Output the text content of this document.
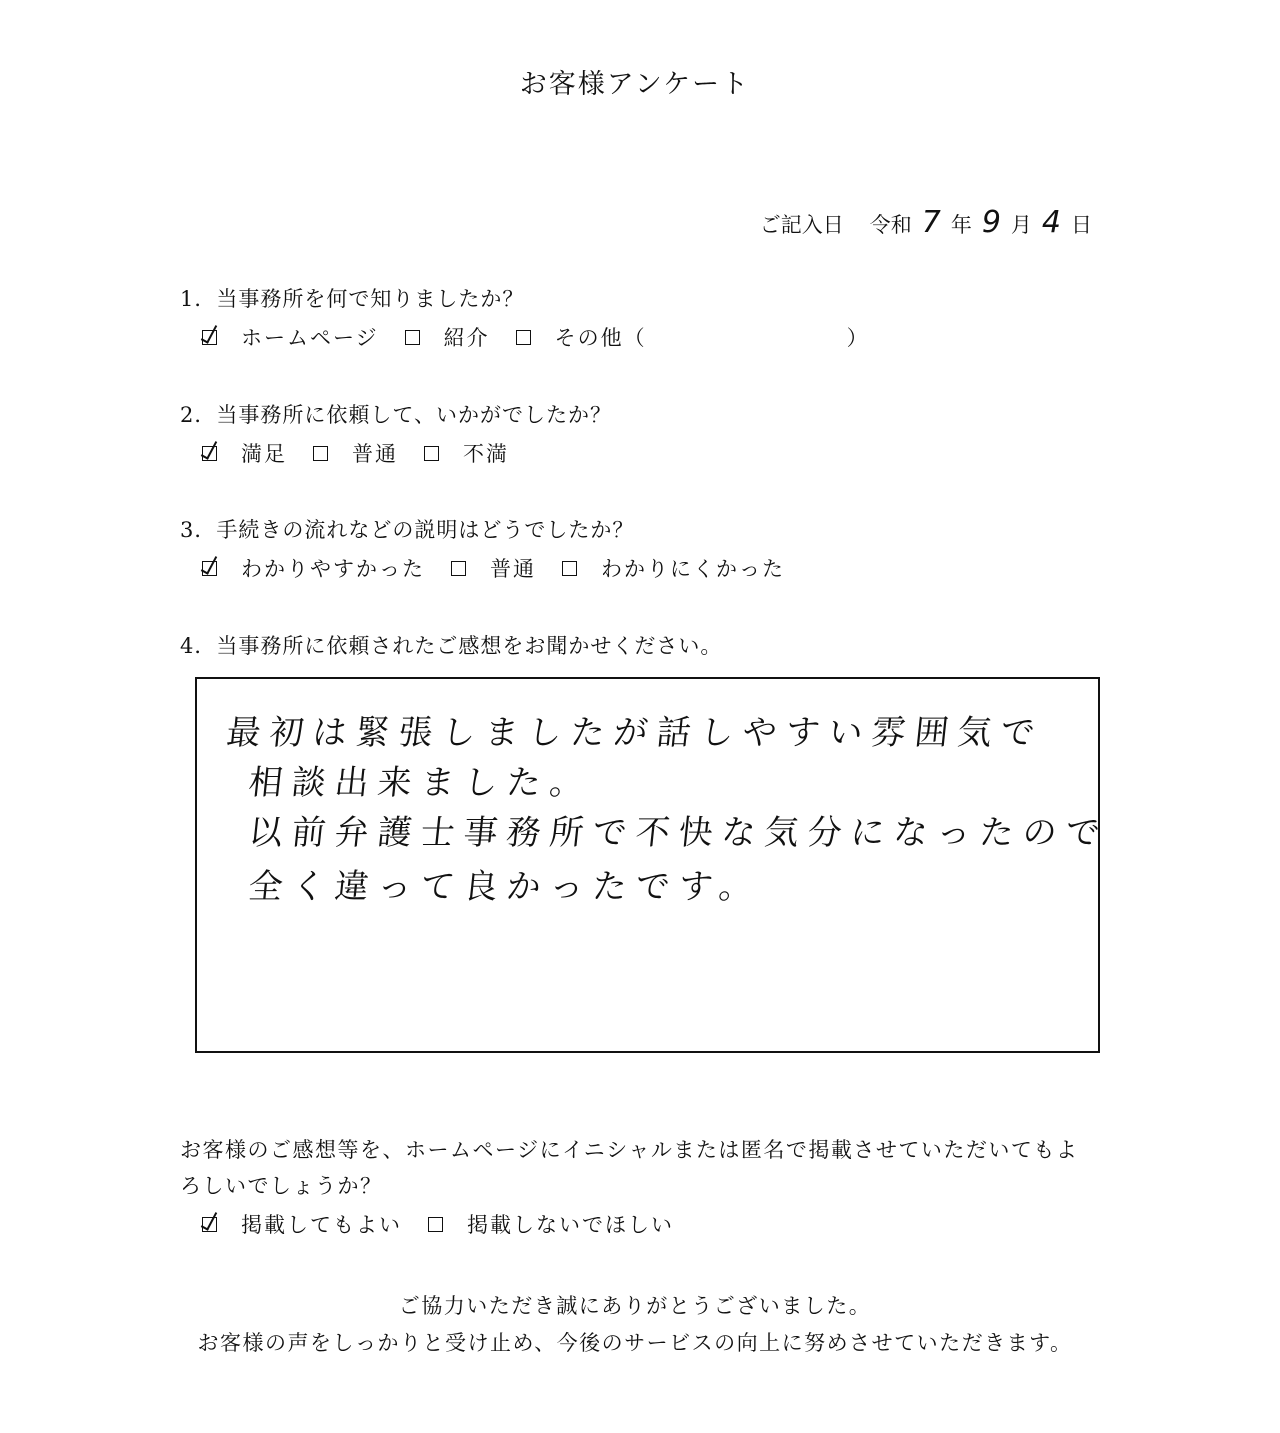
お客様アンケート
ご記入日 令和 7 年 9 月 4 日
1．当事務所を何で知りましたか？
ホームページ	紹介	その他（	）
2．当事務所に依頼して、いかがでしたか？
満足	普通	不満
3．手続きの流れなどの説明はどうでしたか？
わかりやすかった	普通	わかりにくかった
4．当事務所に依頼されたご感想をお聞かせください。
最初は緊張しましたが話しやすい雰囲気で
相談出来ました。
以前弁護士事務所で不快な気分になったので
全く違って良かったです。
お客様のご感想等を、ホームページにイニシャルまたは匿名で掲載させていただいてもよろしいでしょうか？
掲載してもよい	掲載しないでほしい
ご協力いただき誠にありがとうございました。
お客様の声をしっかりと受け止め、今後のサービスの向上に努めさせていただきます。
